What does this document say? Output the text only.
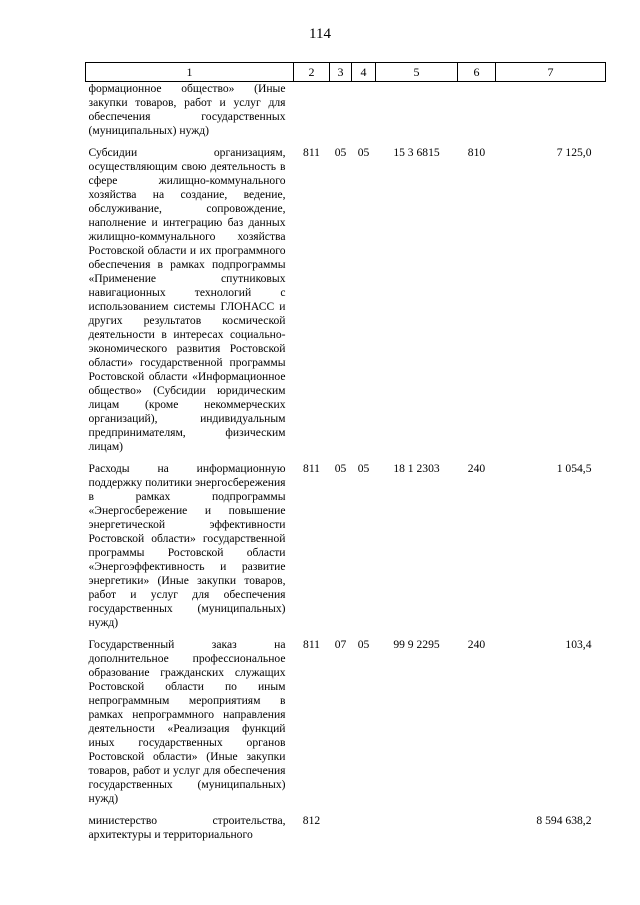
114
1	2	3	4	5	6	7
формационное общество» (Иные закупки товаров, работ и услуг для обеспечения государственных (муниципальных) нужд)						
Субсидии организациям, осуществляющим свою деятельность в сфере жилищно-коммунального хозяйства на создание, ведение, обслуживание, сопровождение, наполнение и интеграцию баз данных жилищно-коммунального хозяйства Ростовской области и их программного обеспечения в рамках подпрограммы «Применение спутниковых навигационных технологий с использованием системы ГЛОНАСС и других результатов космической деятельности в интересах социально-экономического развития Ростовской области» государственной программы Ростовской области «Информационное общество» (Субсидии юридическим лицам (кроме некоммерческих организаций), индивидуальным предпринимателям, физическим лицам)	811	05	05	15 3 6815	810	7 125,0
Расходы на информационную поддержку политики энергосбережения в рамках подпрограммы «Энергосбережение и повышение энергетической эффективности Ростовской области» государственной программы Ростовской области «Энергоэффективность и развитие энергетики» (Иные закупки товаров, работ и услуг для обеспечения государственных (муниципальных) нужд)	811	05	05	18 1 2303	240	1 054,5
Государственный заказ на дополнительное профессиональное образование гражданских служащих Ростовской области по иным непрограммным мероприятиям в рамках непрограммного направления деятельности «Реализация функций иных государственных органов Ростовской области» (Иные закупки товаров, работ и услуг для обеспечения государственных (муниципальных) нужд)	811	07	05	99 9 2295	240	103,4
министерство строительства, архитектуры и территориального	812					8 594 638,2
